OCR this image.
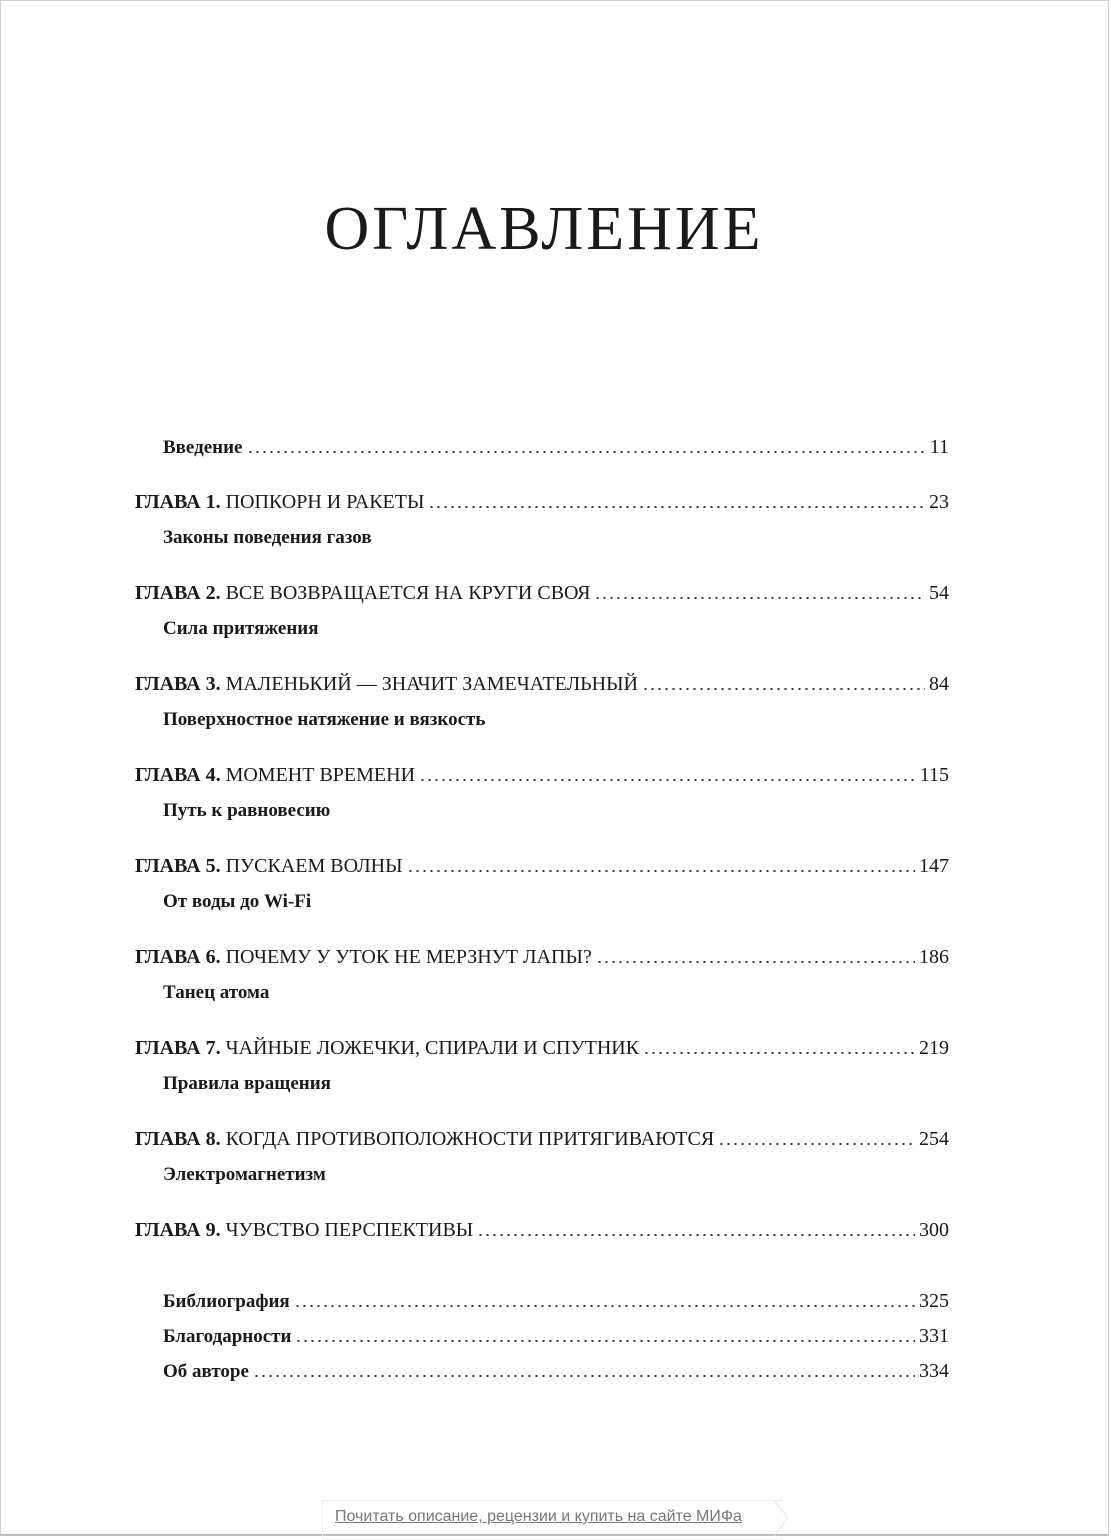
ОГЛАВЛЕНИЕ
Введение	11
ГЛАВА 1. ПОПКОРН И РАКЕТЫ	23
Законы поведения газов
ГЛАВА 2. ВСЕ ВОЗВРАЩАЕТСЯ НА КРУГИ СВОЯ	54
Сила притяжения
ГЛАВА 3. МАЛЕНЬКИЙ — ЗНАЧИТ ЗАМЕЧАТЕЛЬНЫЙ	84
Поверхностное натяжение и вязкость
ГЛАВА 4. МОМЕНТ ВРЕМЕНИ	115
Путь к равновесию
ГЛАВА 5. ПУСКАЕМ ВОЛНЫ	147
От воды до Wi-Fi
ГЛАВА 6. ПОЧЕМУ У УТОК НЕ МЕРЗНУТ ЛАПЫ?	186
Танец атома
ГЛАВА 7. ЧАЙНЫЕ ЛОЖЕЧКИ, СПИРАЛИ И СПУТНИК	219
Правила вращения
ГЛАВА 8. КОГДА ПРОТИВОПОЛОЖНОСТИ ПРИТЯГИВАЮТСЯ	254
Электромагнетизм
ГЛАВА 9. ЧУВСТВО ПЕРСПЕКТИВЫ	300
Библиография	325
Благодарности	331
Об авторе	334
Почитать описание, рецензии и купить на сайте МИФа
